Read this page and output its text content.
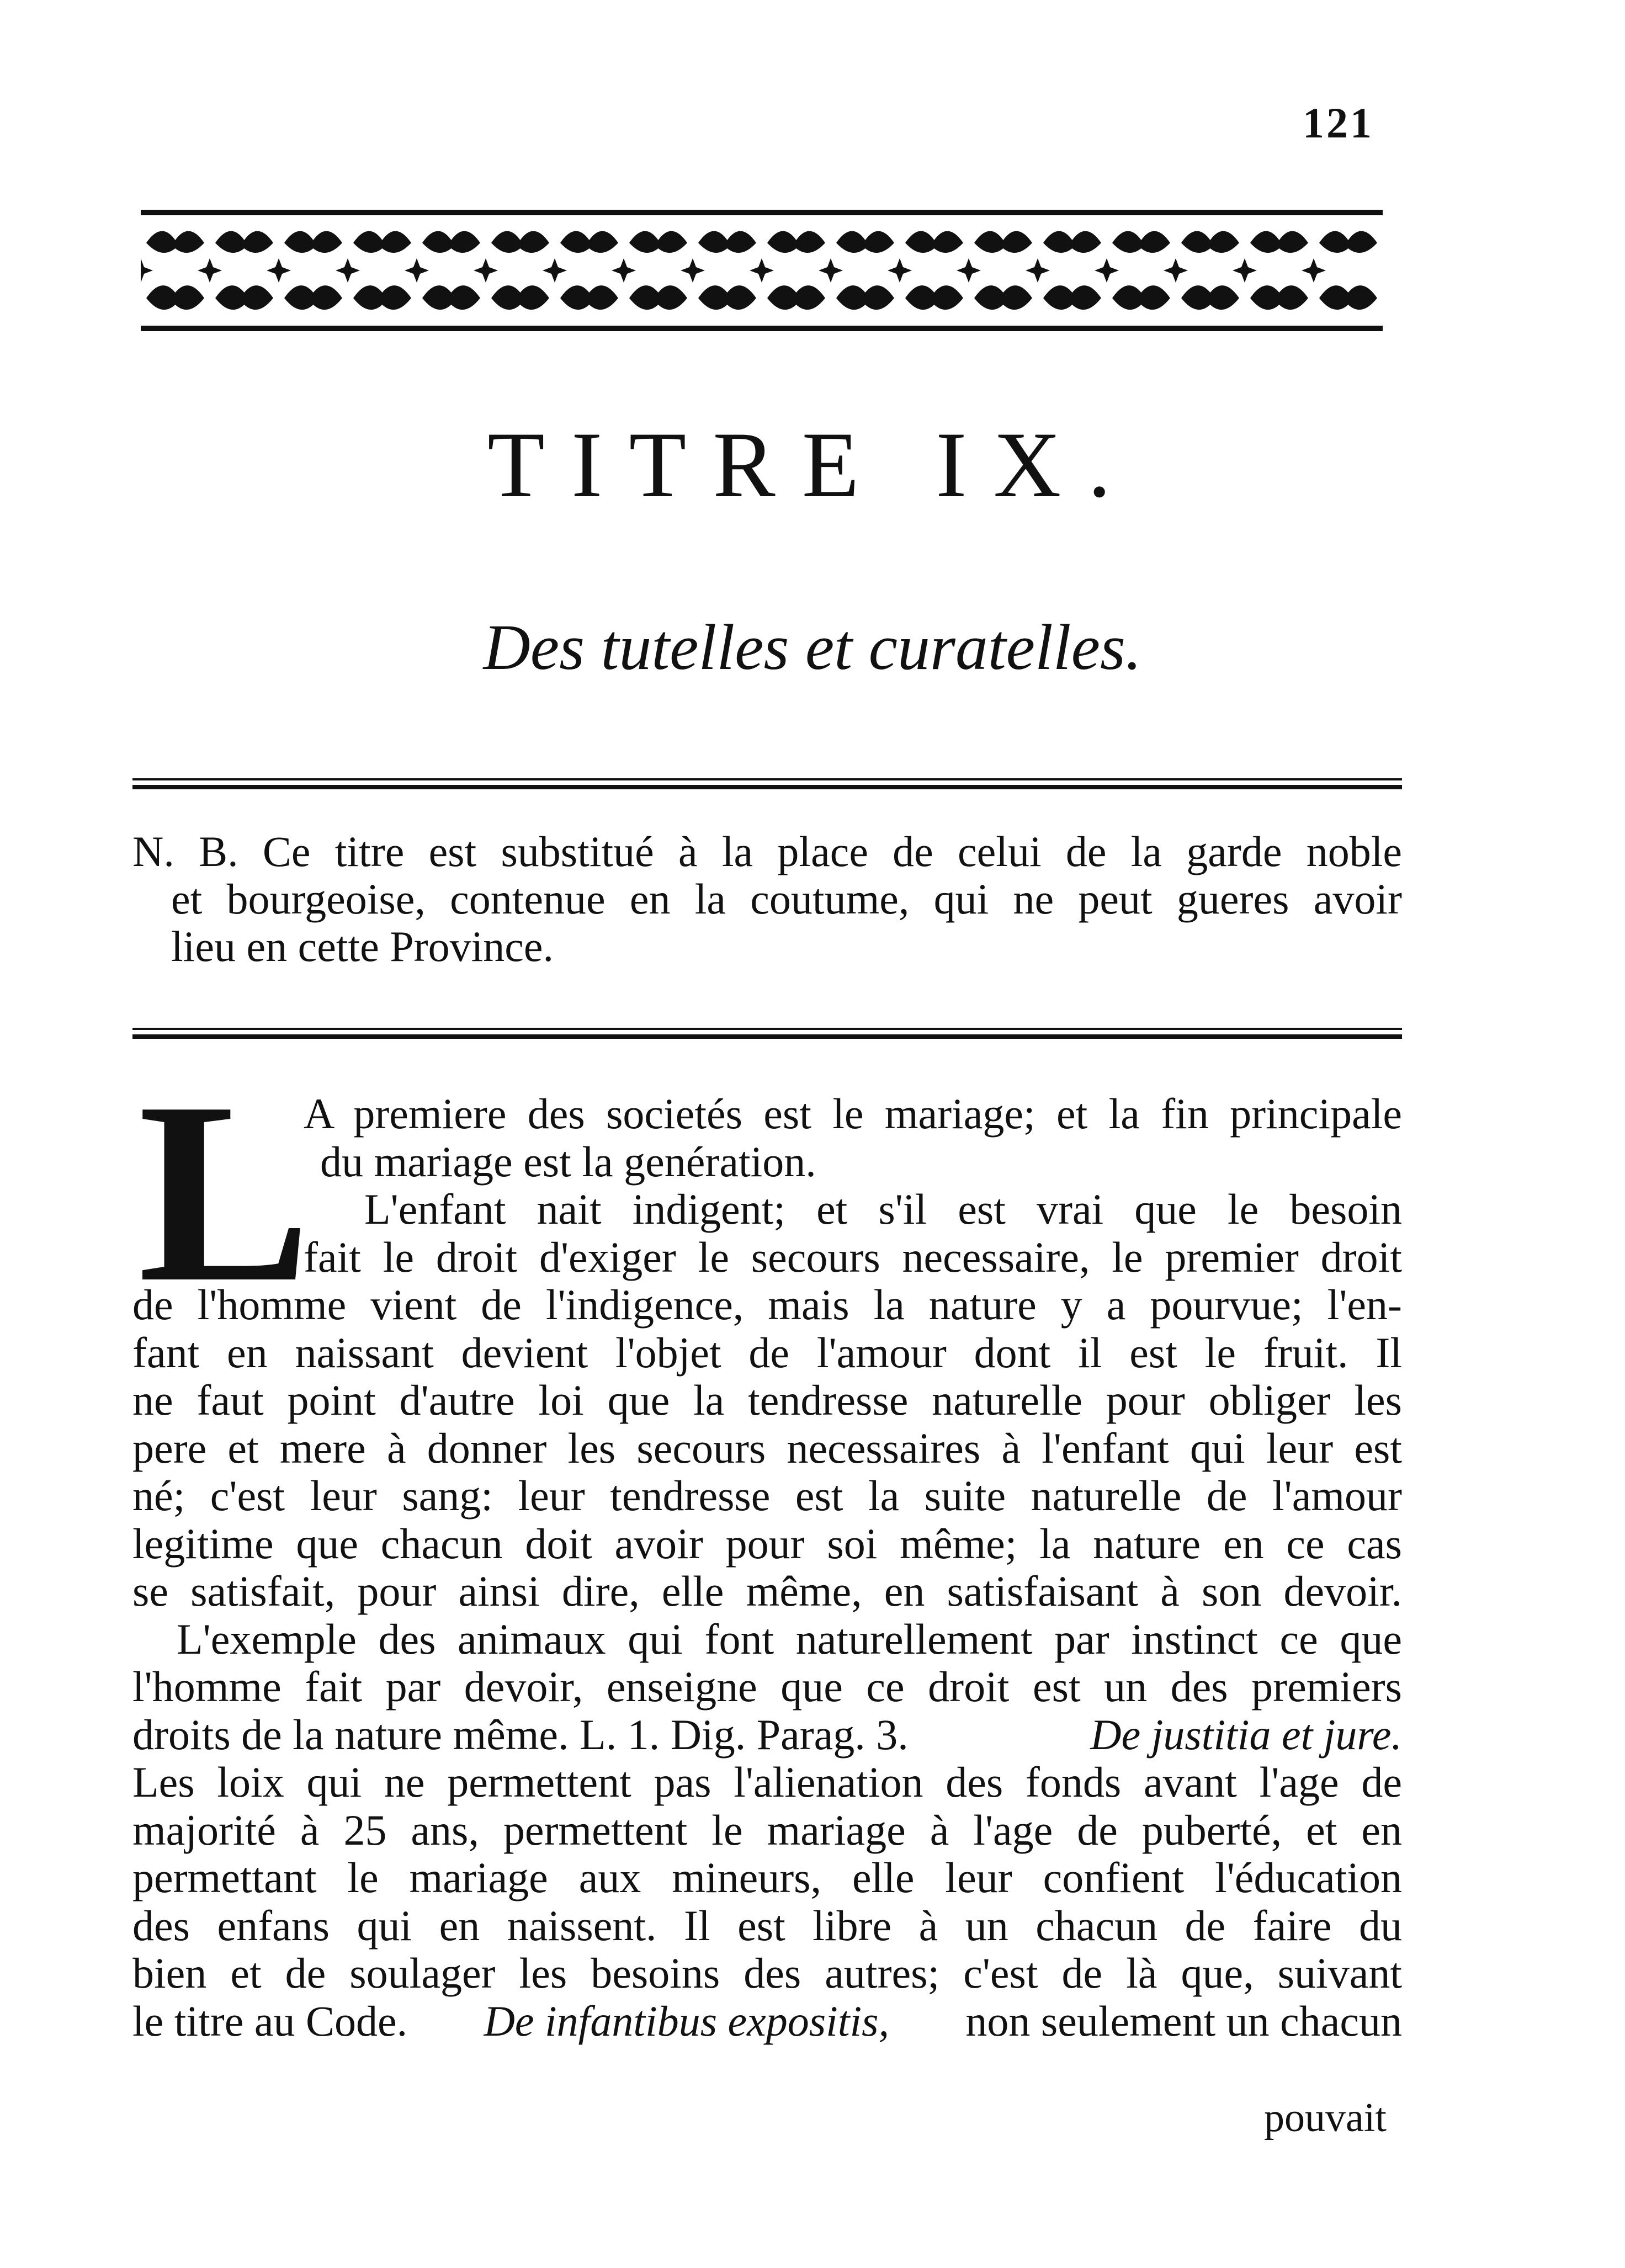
121
TITRE IX.
Des tutelles et curatelles.
N. B. Ce titre est substitué à la place de celui de la garde noble
et bourgeoise, contenue en la coutume, qui ne peut gueres avoir
lieu en cette Province.
L
A premiere des societés est le mariage; et la fin principale
du mariage est la genération.
L'enfant nait indigent; et s'il est vrai que le besoin
fait le droit d'exiger le secours necessaire, le premier droit
de l'homme vient de l'indigence, mais la nature y a pourvue; l'en-
fant en naissant devient l'objet de l'amour dont il est le fruit. Il
ne faut point d'autre loi que la tendresse naturelle pour obliger les
pere et mere à donner les secours necessaires à l'enfant qui leur est
né; c'est leur sang: leur tendresse est la suite naturelle de l'amour
legitime que chacun doit avoir pour soi même; la nature en ce cas
se satisfait, pour ainsi dire, elle même, en satisfaisant à son devoir.
L'exemple des animaux qui font naturellement par instinct ce que
l'homme fait par devoir, enseigne que ce droit est un des premiers
droits de la nature même. L. 1. Dig. Parag. 3.	De justitia et jure.
Les loix qui ne permettent pas l'alienation des fonds avant l'age de
majorité à 25 ans, permettent le mariage à l'age de puberté, et en
permettant le mariage aux mineurs, elle leur confient l'éducation
des enfans qui en naissent. Il est libre à un chacun de faire du
bien et de soulager les besoins des autres; c'est de là que, suivant
le titre au Code. De infantibus expositis, non seulement un chacun
pouvait
